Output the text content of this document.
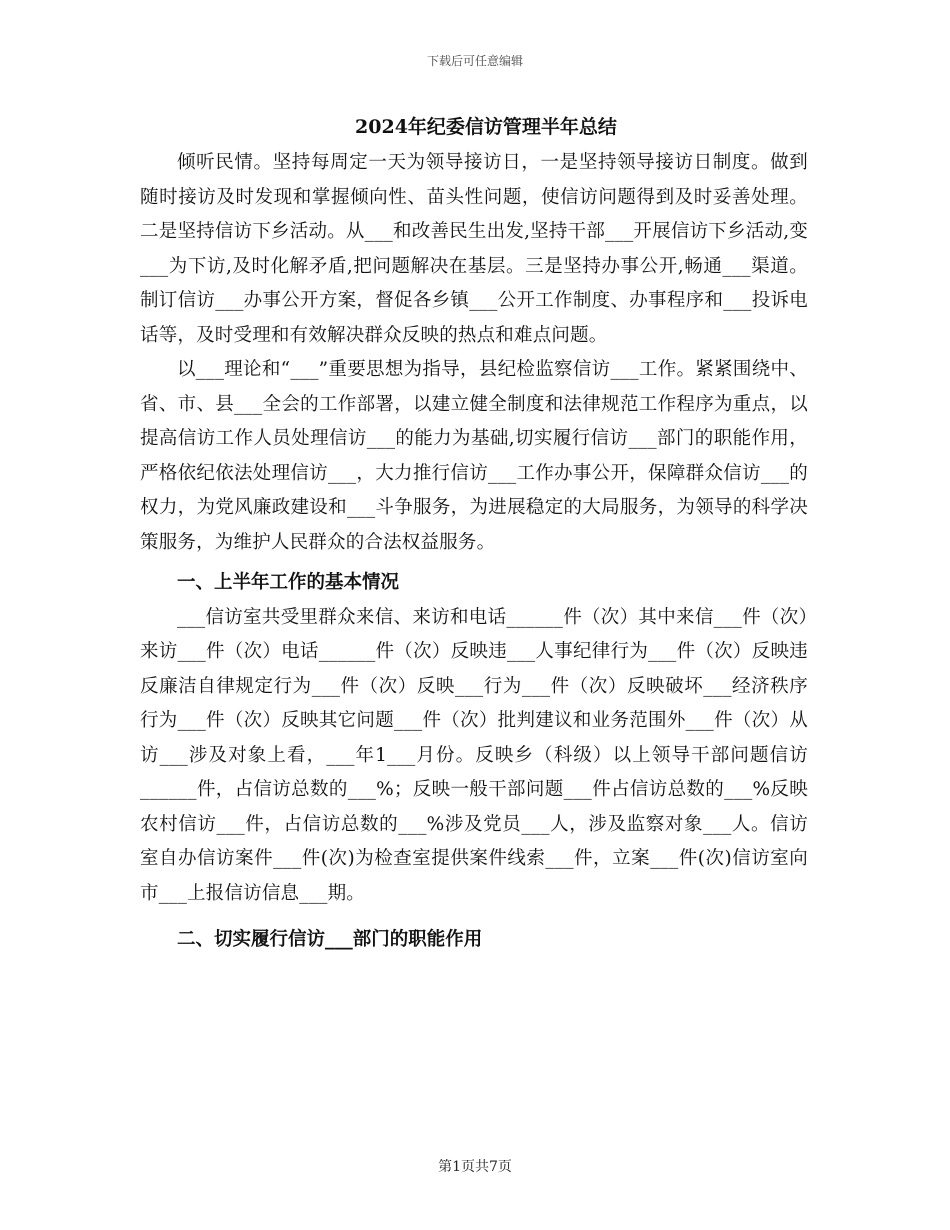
下载后可任意编辑
2024年纪委信访管理半年总结

倾听民情。坚持每周定一天为领导接访日，一是坚持领导接访日制度。做到随时接访及时发现和掌握倾向性、苗头性问题，使信访问题得到及时妥善处理。二是坚持信访下乡活动。从___和改善民生出发,坚持干部___开展信访下乡活动,变___为下访,及时化解矛盾,把问题解决在基层。三是坚持办事公开,畅通___渠道。制订信访___办事公开方案，督促各乡镇___公开工作制度、办事程序和___投诉电话等，及时受理和有效解决群众反映的热点和难点问题。

以___理论和“___”重要思想为指导，县纪检监察信访___工作。紧紧围绕中、省、市、县___全会的工作部署，以建立健全制度和法律规范工作程序为重点，以提高信访工作人员处理信访___的能力为基础,切实履行信访___部门的职能作用，严格依纪依法处理信访___，大力推行信访___工作办事公开，保障群众信访___的权力，为党风廉政建设和___斗争服务，为进展稳定的大局服务，为领导的科学决策服务，为维护人民群众的合法权益服务。

一、上半年工作的基本情况

___信访室共受里群众来信、来访和电话______件（次）其中来信___件（次）来访___件（次）电话______件（次）反映违___人事纪律行为___件（次）反映违反廉洁自律规定行为___件（次）反映___行为___件（次）反映破坏___经济秩序行为___件（次）反映其它问题___件（次）批判建议和业务范围外___件（次）从访___涉及对象上看，___年1___月份。反映乡（科级）以上领导干部问题信访______件，占信访总数的___%；反映一般干部问题___件占信访总数的___%反映农村信访___件，占信访总数的___%涉及党员___人，涉及监察对象___人。信访室自办信访案件___件(次)为检查室提供案件线索___件，立案___件(次)信访室向市___上报信访信息___期。

二、切实履行信访___部门的职能作用

第1页共7页
